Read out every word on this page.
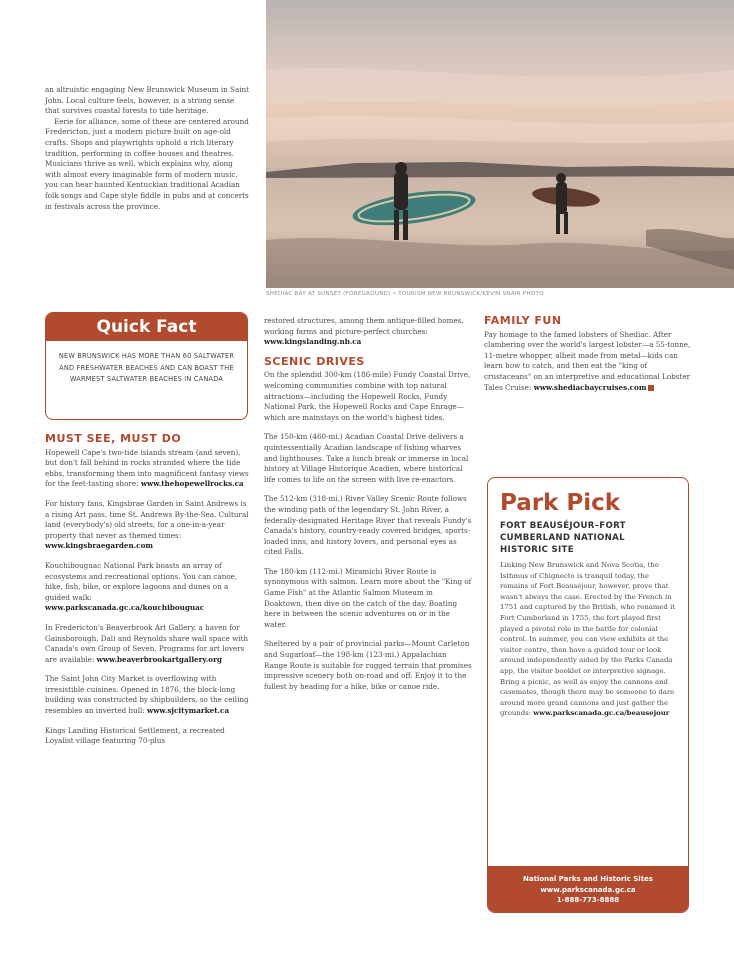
SHEDIAC BAY AT SUNSET (FOREGROUND) • TOURISM NEW BRUNSWICK/KEVIN SNAIR PHOTO

an altruistic engaging New Brunswick Museum in Saint John. Local culture feels, however, is a strong sense that survives coastal forests to tide heritage.

Eerie for alliance, some of these are centered around Fredericton, just a modern picture built on age-old crafts. Shops and playwrights uphold a rich literary tradition, performing in coffee houses and theatres. Musicians thrive as well, which explains why, along with almost every imaginable form of modern music, you can hear haunted Kentuckian traditional Acadian folk songs and Cape style fiddle in pubs and at concerts in festivals across the province.

Quick Fact
NEW BRUNSWICK HAS MORE THAN 60 SALTWATER AND FRESHWATER BEACHES AND CAN BOAST THE WARMEST SALTWATER BEACHES IN CANADA
MUST SEE, MUST DO

Hopewell Cape's two-tide islands stream (and seven), but don't fall behind in rocks stranded where the tide ebbs, transforming them into magnificent fantasy views for the feet-tasting shore: www.thehopewellrocks.ca

For history fans, Kingsbrae Garden in Saint Andrews is a rising Art pass, time St. Andrews By-the-Sea. Cultural land (everybody's) old streets, for a one-in-a-year property that never as themed times: www.kingsbraegarden.com

Kouchibouguac National Park boasts an array of ecosystems and recreational options. You can canoe, hike, fish, bike, or explore lagoons and dunes on a guided walk: www.parkscanada.gc.ca/kouchibouguac

In Fredericton's Beaverbrook Art Gallery, a haven for Gainsborough, Dali and Reynolds share wall space with Canada's own Group of Seven. Programs for art lovers are available: www.beaverbrookartgallery.org

The Saint John City Market is overflowing with irresistible cuisines. Opened in 1876, the block-long building was constructed by shipbuilders, so the ceiling resembles an inverted hull: www.sjcitymarket.ca

Kings Landing Historical Settlement, a recreated Loyalist village featuring 70-plus

restored structures, among them antique-filled homes, working farms and picture-perfect churches: www.kingslanding.nb.ca

SCENIC DRIVES

On the splendid 300-km (186-mile) Fundy Coastal Drive, welcoming communities combine with top natural attractions—including the Hopewell Rocks, Fundy National Park, the Hopewell Rocks and Cape Enrage—which are mainstays on the world's highest tides.

The 150-km (460-mi.) Acadian Coastal Drive delivers a quintessentially Acadian landscape of fishing wharves and lighthouses. Take a lunch break or immerse in local history at Village Historique Acadien, where historical life comes to life on the screen with live re-enactors.

The 512-km (318-mi.) River Valley Scenic Route follows the winding path of the legendary St. John River, a federally-designated Heritage River that reveals Fundy's Canada's history, country-ready covered bridges, sports-loaded inns, and history lovers, and personal eyes as cited Falls.

The 180-km (112-mi.) Miramichi River Route is synonymous with salmon. Learn more about the "King of Game Fish" at the Atlantic Salmon Museum in Doaktown, then dive on the catch of the day. Boating here in between the scenic adventures on or in the water.

Sheltered by a pair of provincial parks—Mount Carleton and Sugarloaf—the 198-km (123-mi.) Appalachian Range Route is suitable for rugged terrain that promises impressive scenery both on-road and off. Enjoy it to the fullest by heading for a hike, bike or canoe ride.

FAMILY FUN

Pay homage to the famed lobsters of Shediac. After clambering over the world's largest lobster—a 55-tonne, 11-metre whopper, albeit made from metal—kids can learn how to catch, and then eat the "king of crustaceans" on an interpretive and educational Lobster Tales Cruise: www.shediacbaycruises.com

Park Pick
FORT BEAUSÉJOUR–FORT CUMBERLAND NATIONAL HISTORIC SITE
Linking New Brunswick and Nova Scotia, the Isthmus of Chignecto is tranquil today, the remains of Fort Beauséjour, however, prove that wasn't always the case. Erected by the French in 1751 and captured by the British, who renamed it Fort Cumberland in 1755, the fort played first played a pivotal role in the battle for colonial control. In summer, you can view exhibits at the visitor centre, then have a guided tour or look around independently aided by the Parks Canada app, the visitor booklet or interpretive signage. Bring a picnic, as well as enjoy the cannons and casemates, though there may be someone to dare around more grand cannons and just gather the grounds: www.parkscanada.gc.ca/beausejour
National Parks and Historic Sites
www.parkscanada.gc.ca
1-888-773-8888
